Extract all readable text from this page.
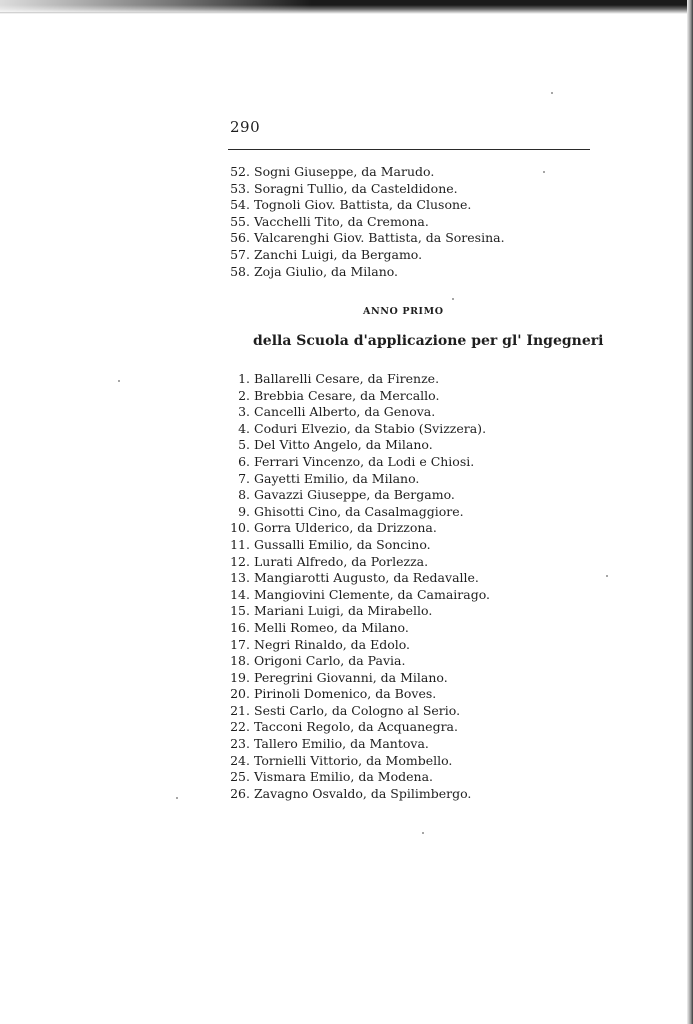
290
52. Sogni Giuseppe, da Marudo.
53. Soragni Tullio, da Casteldidone.
54. Tognoli Giov. Battista, da Clusone.
55. Vacchelli Tito, da Cremona.
56. Valcarenghi Giov. Battista, da Soresina.
57. Zanchi Luigi, da Bergamo.
58. Zoja Giulio, da Milano.
ANNO PRIMO
della Scuola d'applicazione per gl' Ingegneri
1. Ballarelli Cesare, da Firenze.
2. Brebbia Cesare, da Mercallo.
3. Cancelli Alberto, da Genova.
4. Coduri Elvezio, da Stabio (Svizzera).
5. Del Vitto Angelo, da Milano.
6. Ferrari Vincenzo, da Lodi e Chiosi.
7. Gayetti Emilio, da Milano.
8. Gavazzi Giuseppe, da Bergamo.
9. Ghisotti Cino, da Casalmaggiore.
10. Gorra Ulderico, da Drizzona.
11. Gussalli Emilio, da Soncino.
12. Lurati Alfredo, da Porlezza.
13. Mangiarotti Augusto, da Redavalle.
14. Mangiovini Clemente, da Camairago.
15. Mariani Luigi, da Mirabello.
16. Melli Romeo, da Milano.
17. Negri Rinaldo, da Edolo.
18. Origoni Carlo, da Pavia.
19. Peregrini Giovanni, da Milano.
20. Pirinoli Domenico, da Boves.
21. Sesti Carlo, da Cologno al Serio.
22. Tacconi Regolo, da Acquanegra.
23. Tallero Emilio, da Mantova.
24. Tornielli Vittorio, da Mombello.
25. Vismara Emilio, da Modena.
26. Zavagno Osvaldo, da Spilimbergo.
